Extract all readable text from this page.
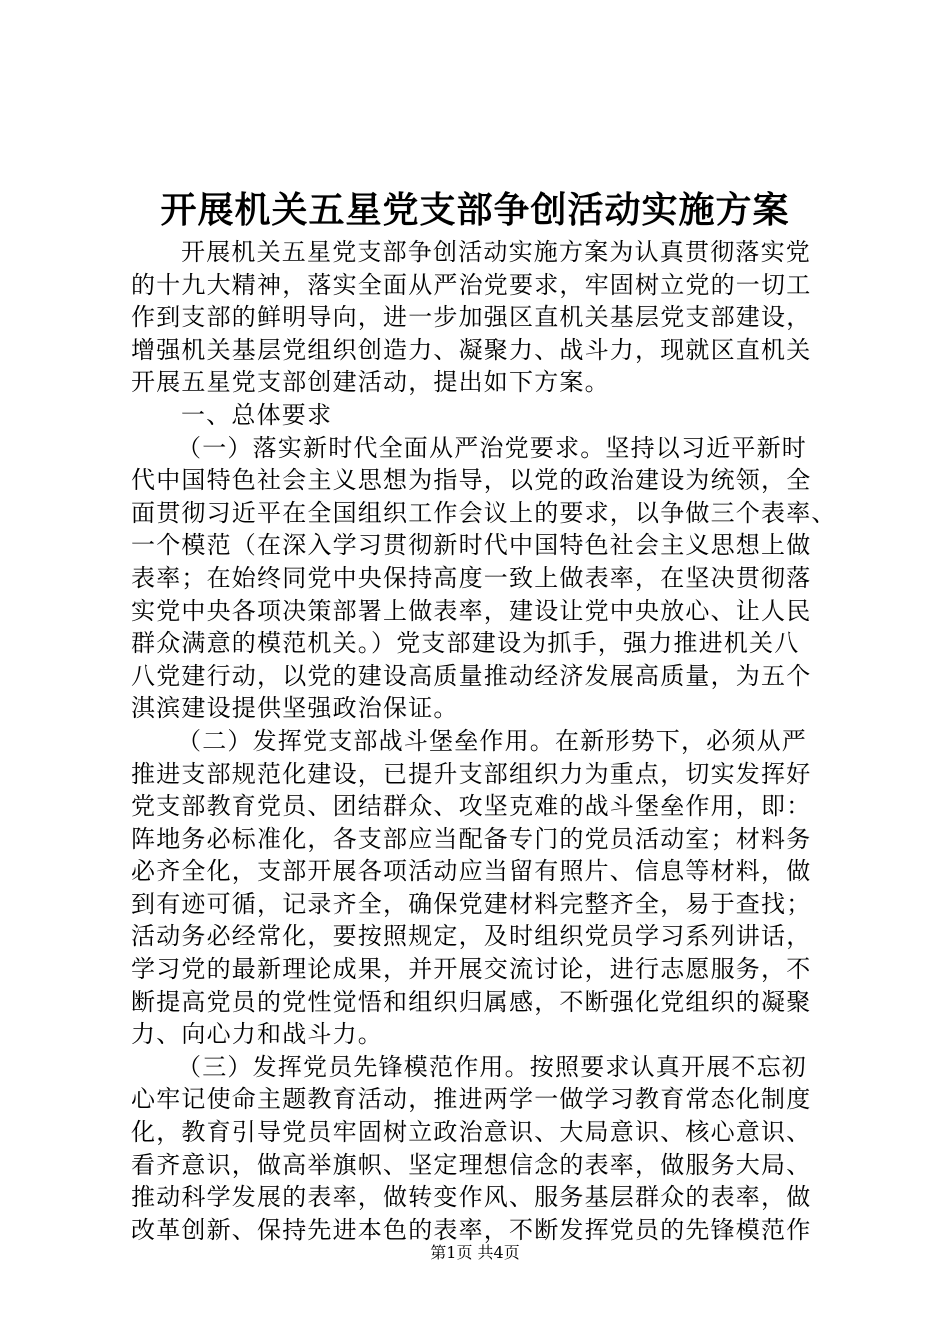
开展机关五星党支部争创活动实施方案
开展机关五星党支部争创活动实施方案为认真贯彻落实党
的十九大精神，落实全面从严治党要求，牢固树立党的一切工
作到支部的鲜明导向，进一步加强区直机关基层党支部建设，
增强机关基层党组织创造力、凝聚力、战斗力，现就区直机关
开展五星党支部创建活动，提出如下方案。
一、总体要求
（一）落实新时代全面从严治党要求。坚持以习近平新时
代中国特色社会主义思想为指导，以党的政治建设为统领，全
面贯彻习近平在全国组织工作会议上的要求，以争做三个表率、
一个模范（在深入学习贯彻新时代中国特色社会主义思想上做
表率；在始终同党中央保持高度一致上做表率，在坚决贯彻落
实党中央各项决策部署上做表率，建设让党中央放心、让人民
群众满意的模范机关。）党支部建设为抓手，强力推进机关八
八党建行动，以党的建设高质量推动经济发展高质量，为五个
淇滨建设提供坚强政治保证。
（二）发挥党支部战斗堡垒作用。在新形势下，必须从严
推进支部规范化建设，已提升支部组织力为重点，切实发挥好
党支部教育党员、团结群众、攻坚克难的战斗堡垒作用，即：
阵地务必标准化，各支部应当配备专门的党员活动室；材料务
必齐全化，支部开展各项活动应当留有照片、信息等材料，做
到有迹可循，记录齐全，确保党建材料完整齐全，易于查找；
活动务必经常化，要按照规定，及时组织党员学习系列讲话，
学习党的最新理论成果，并开展交流讨论，进行志愿服务，不
断提高党员的党性觉悟和组织归属感，不断强化党组织的凝聚
力、向心力和战斗力。
（三）发挥党员先锋模范作用。按照要求认真开展不忘初
心牢记使命主题教育活动，推进两学一做学习教育常态化制度
化，教育引导党员牢固树立政治意识、大局意识、核心意识、
看齐意识，做高举旗帜、坚定理想信念的表率，做服务大局、
推动科学发展的表率，做转变作风、服务基层群众的表率，做
改革创新、保持先进本色的表率，不断发挥党员的先锋模范作
第1页 共4页
